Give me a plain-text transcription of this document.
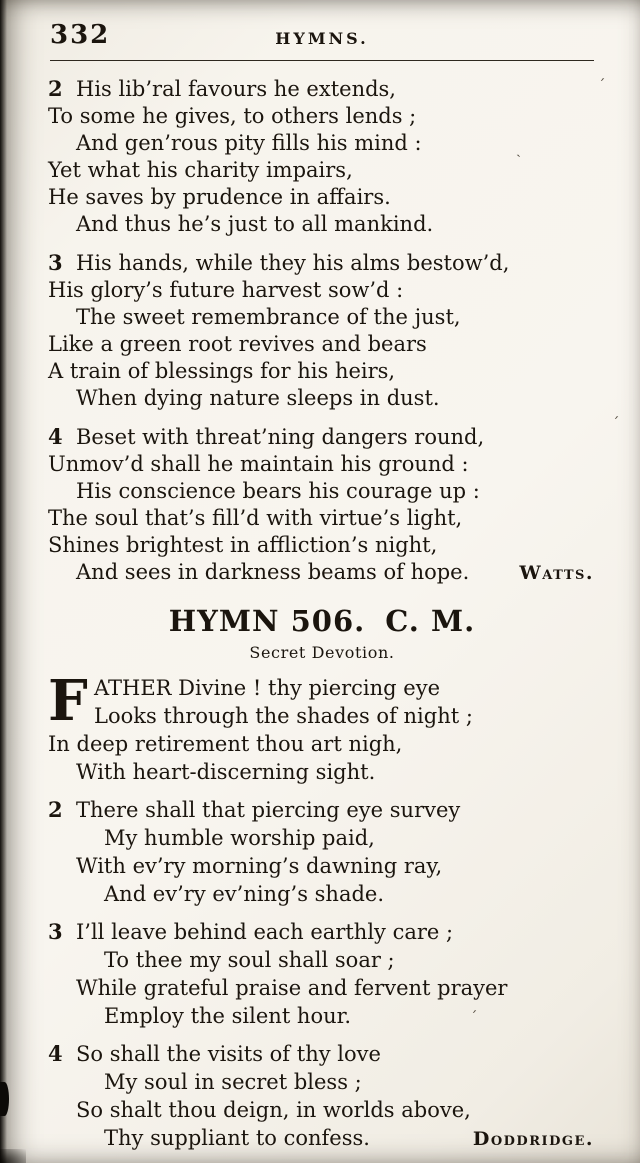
ˊ
ˊ
ˏ
ˊ
332	HYMNS.
2 His lib’ral favours he extends,
To some he gives, to others lends ;
And gen’rous pity fills his mind :
Yet what his charity impairs,
He saves by prudence in affairs.
And thus he’s just to all mankind.
3 His hands, while they his alms bestow’d,
His glory’s future harvest sow’d :
The sweet remembrance of the just,
Like a green root revives and bears
A train of blessings for his heirs,
When dying nature sleeps in dust.
4 Beset with threat’ning dangers round,
Unmov’d shall he maintain his ground :
His conscience bears his courage up :
The soul that’s fill’d with virtue’s light,
Shines brightest in affliction’s night,
And sees in darkness beams of hope.	Watts.
HYMN 506. C. M.
Secret Devotion.
F ATHER Divine ! thy piercing eye
Looks through the shades of night ;
In deep retirement thou art nigh,
With heart-discerning sight.
2 There shall that piercing eye survey
My humble worship paid,
With ev’ry morning’s dawning ray,
And ev’ry ev’ning’s shade.
3 I’ll leave behind each earthly care ;
To thee my soul shall soar ;
While grateful praise and fervent prayer
Employ the silent hour.
4 So shall the visits of thy love
My soul in secret bless ;
So shalt thou deign, in worlds above,
Thy suppliant to confess.	Doddridge.
